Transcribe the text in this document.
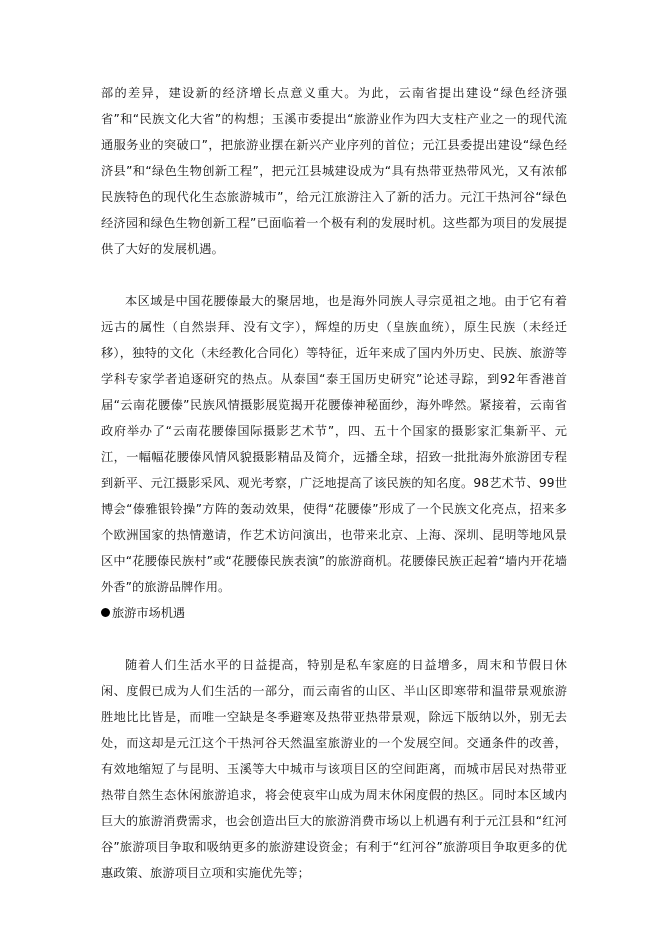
部的差异，建设新的经济增长点意义重大。为此，云南省提出建设“绿色经济强省”和“民族文化大省”的构想；玉溪市委提出“旅游业作为四大支柱产业之一的现代流通服务业的突破口”，把旅游业摆在新兴产业序列的首位；元江县委提出建设“绿色经济县”和“绿色生物创新工程”，把元江县城建设成为“具有热带亚热带风光，又有浓郁民族特色的现代化生态旅游城市”，给元江旅游注入了新的活力。元江干热河谷“绿色经济园和绿色生物创新工程”已面临着一个极有利的发展时机。这些都为项目的发展提供了大好的发展机遇。

本区域是中国花腰傣最大的聚居地，也是海外同族人寻宗觅祖之地。由于它有着远古的属性（自然崇拜、没有文字），辉煌的历史（皇族血统），原生民族（未经迁移），独特的文化（未经教化合同化）等特征，近年来成了国内外历史、民族、旅游等学科专家学者追逐研究的热点。从泰国“泰王国历史研究”论述寻踪，到92年香港首届“云南花腰傣”民族风情摄影展览揭开花腰傣神秘面纱，海外哗然。紧接着，云南省政府举办了“云南花腰傣国际摄影艺术节”，四、五十个国家的摄影家汇集新平、元江，一幅幅花腰傣风情风貌摄影精品及简介，远播全球，招致一批批海外旅游团专程到新平、元江摄影采风、观光考察，广泛地提高了该民族的知名度。98艺术节、99世博会“傣雅银铃操”方阵的轰动效果，使得“花腰傣”形成了一个民族文化亮点，招来多个欧洲国家的热情邀请，作艺术访问演出，也带来北京、上海、深圳、昆明等地风景区中“花腰傣民族村”或“花腰傣民族表演”的旅游商机。花腰傣民族正起着“墙内开花墙外香”的旅游品牌作用。

旅游市场机遇

随着人们生活水平的日益提高，特别是私车家庭的日益增多，周末和节假日休闲、度假已成为人们生活的一部分，而云南省的山区、半山区即寒带和温带景观旅游胜地比比皆是，而唯一空缺是冬季避寒及热带亚热带景观，除远下版纳以外，别无去处，而这却是元江这个干热河谷天然温室旅游业的一个发展空间。交通条件的改善，有效地缩短了与昆明、玉溪等大中城市与该项目区的空间距离，而城市居民对热带亚热带自然生态休闲旅游追求，将会使哀牢山成为周末休闲度假的热区。同时本区域内巨大的旅游消费需求，也会创造出巨大的旅游消费市场以上机遇有利于元江县和“红河谷”旅游项目争取和吸纳更多的旅游建设资金；有利于“红河谷”旅游项目争取更多的优惠政策、旅游项目立项和实施优先等；
